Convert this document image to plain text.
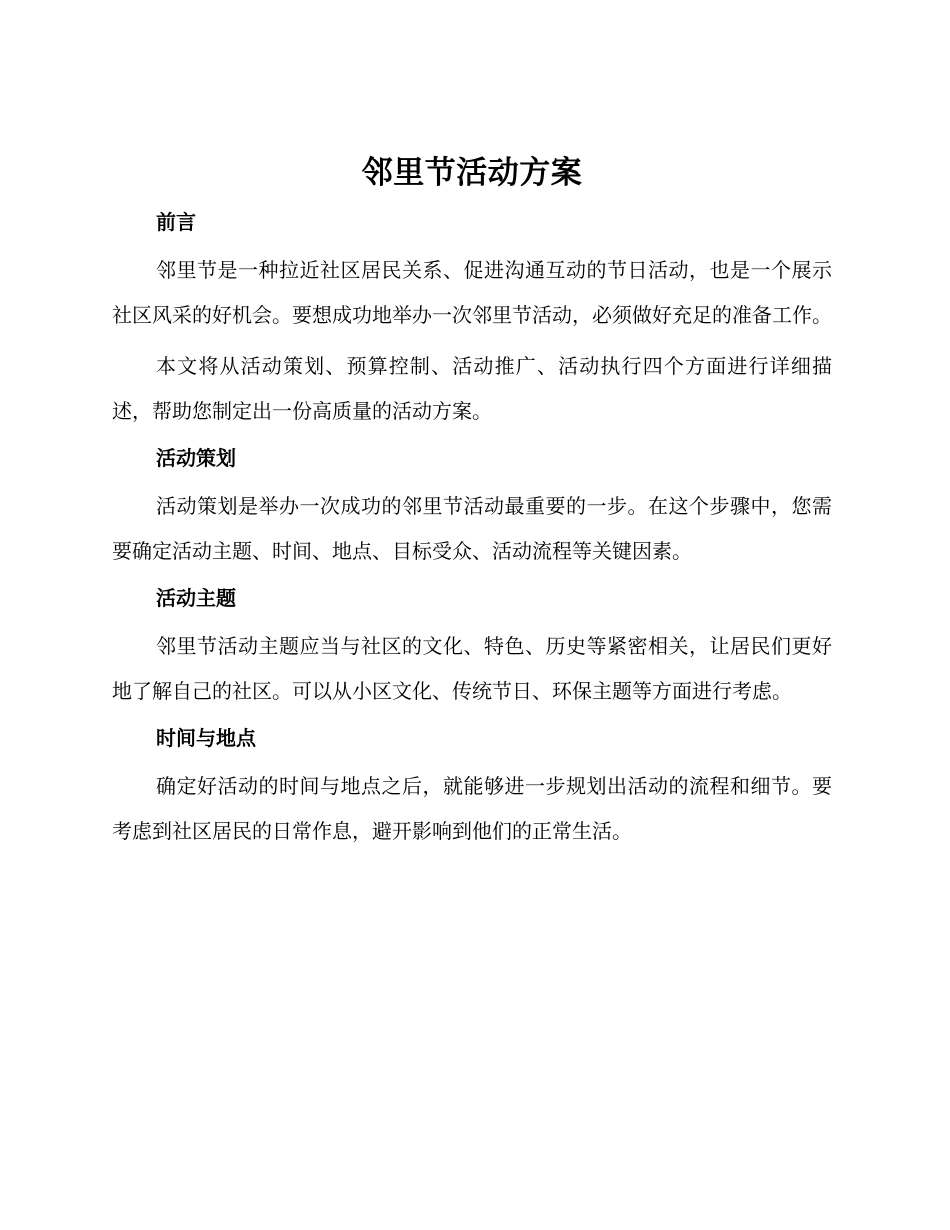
邻里节活动方案
前言

邻里节是一种拉近社区居民关系、促进沟通互动的节日活动，也是一个展示社区风采的好机会。要想成功地举办一次邻里节活动，必须做好充足的准备工作。

本文将从活动策划、预算控制、活动推广、活动执行四个方面进行详细描述，帮助您制定出一份高质量的活动方案。

活动策划

活动策划是举办一次成功的邻里节活动最重要的一步。在这个步骤中，您需要确定活动主题、时间、地点、目标受众、活动流程等关键因素。

活动主题

邻里节活动主题应当与社区的文化、特色、历史等紧密相关，让居民们更好地了解自己的社区。可以从小区文化、传统节日、环保主题等方面进行考虑。

时间与地点

确定好活动的时间与地点之后，就能够进一步规划出活动的流程和细节。要考虑到社区居民的日常作息，避开影响到他们的正常生活。
